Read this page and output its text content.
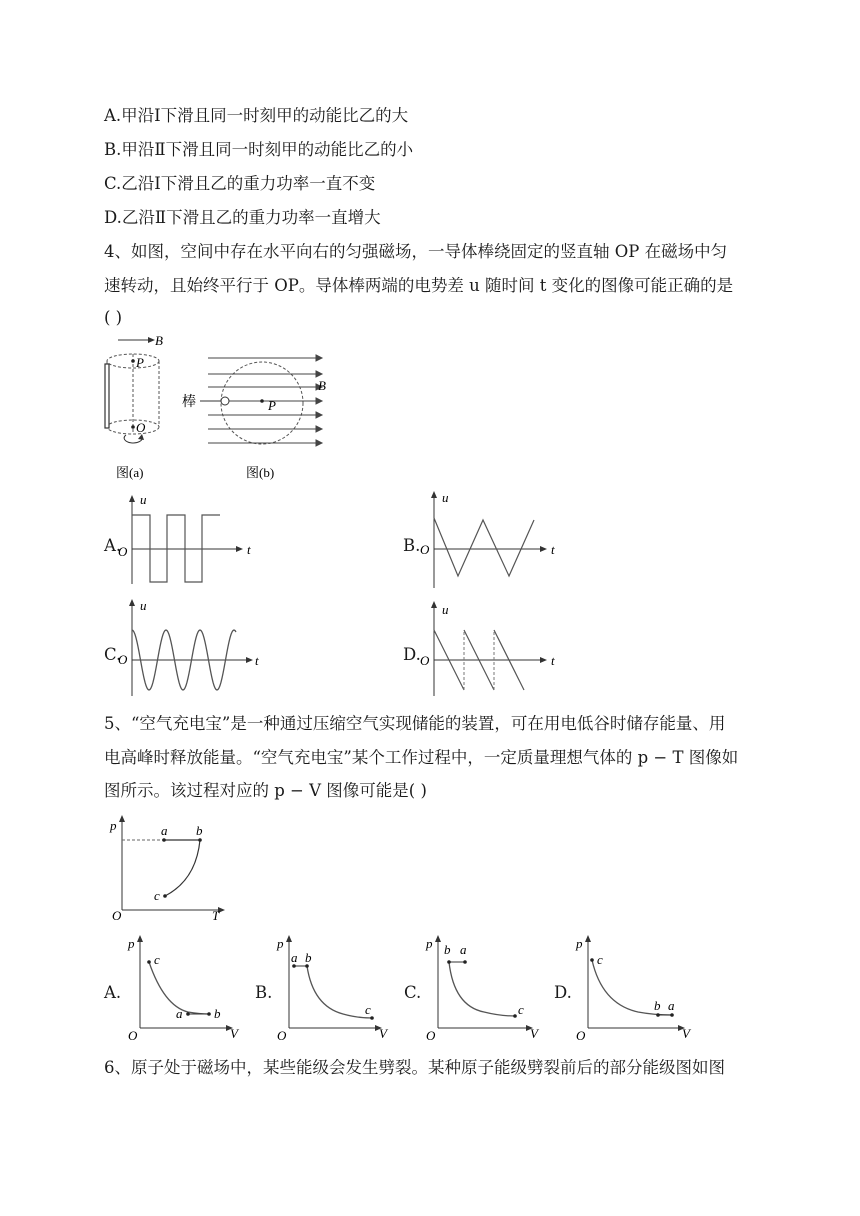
A.甲沿Ⅰ下滑且同一时刻甲的动能比乙的大
B.甲沿Ⅱ下滑且同一时刻甲的动能比乙的小
C.乙沿Ⅰ下滑且乙的重力功率一直不变
D.乙沿Ⅱ下滑且乙的重力功率一直增大
4、如图，空间中存在水平向右的匀强磁场，一导体棒绕固定的竖直轴 OP 在磁场中匀
速转动，且始终平行于 OP。导体棒两端的电势差 u 随时间 t 变化的图像可能正确的是
( )
B
P
O
图(a)
棒
B
P
图(b)
A.
u
t
O	B.
u
t
O
C.
u
t
O	D.
u
t
O
5、“空气充电宝”是一种通过压缩空气实现储能的装置，可在用电低谷时储存能量、用
电高峰时释放能量。“空气充电宝”某个工作过程中，一定质量理想气体的 p − T 图像如
图所示。该过程对应的 p − V 图像可能是( )
p
T
O
a b
c
A.
p
V
O
c
a b
B.
p
V
O
a b
c
C.
p
V
O
b a
c
D.
p
V
O
c
b a
6、原子处于磁场中，某些能级会发生劈裂。某种原子能级劈裂前后的部分能级图如图
